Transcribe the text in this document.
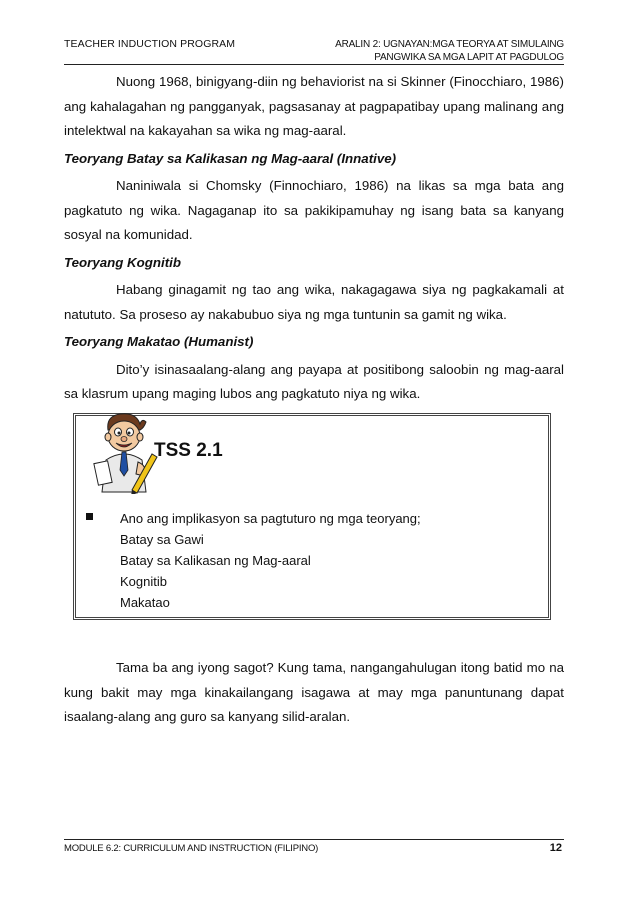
TEACHER INDUCTION PROGRAM	ARALIN 2: UGNAYAN:MGA TEORYA AT SIMULAING
PANGWIKA SA MGA LAPIT AT PAGDULOG

Nuong 1968, binigyang-diin ng behaviorist na si Skinner (Finocchiaro, 1986) ang kahalagahan ng pangganyak, pagsasanay at pagpapatibay upang malinang ang intelektwal na kakayahan sa wika ng mag-aaral.

Teoryang Batay sa Kalikasan ng Mag-aaral (Innative)

Naniniwala si Chomsky (Finnochiaro, 1986) na likas sa mga bata ang pagkatuto ng wika. Nagaganap ito sa pakikipamuhay ng isang bata sa kanyang sosyal na komunidad.

Teoryang Kognitib

Habang ginagamit ng tao ang wika, nakagagawa siya ng pagkakamali at natututo. Sa proseso ay nakabubuo siya ng mga tuntunin sa gamit ng wika.

Teoryang Makatao (Humanist)

Dito’y isinasaalang-alang ang payapa at positibong saloobin ng mag-aaral sa klasrum upang maging lubos ang pagkatuto niya ng wika.

TSS 2.1
Ano ang implikasyon sa pagtuturo ng mga teoryang;
Batay sa Gawi
Batay sa Kalikasan ng Mag-aaral
Kognitib
Makatao

Tama ba ang iyong sagot? Kung tama, nangangahulugan itong batid mo na kung bakit may mga kinakailangang isagawa at may mga panuntunang dapat isaalang-alang ang guro sa kanyang silid-aralan.

MODULE 6.2: CURRICULUM AND INSTRUCTION (FILIPINO)	12
